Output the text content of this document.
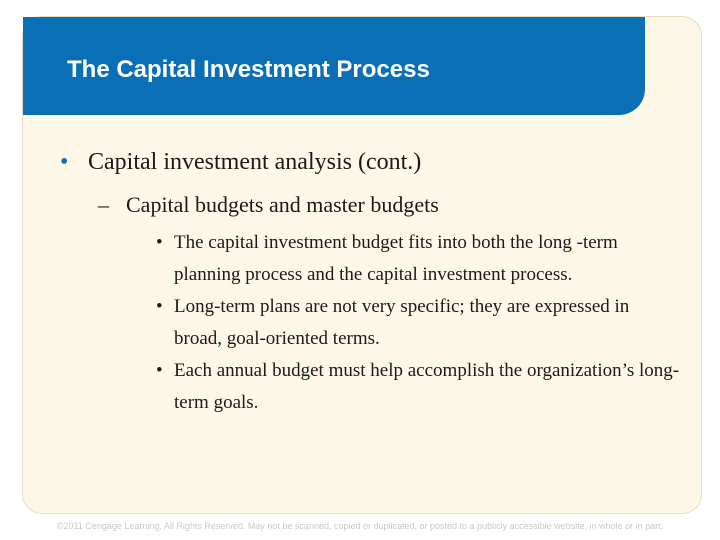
The Capital Investment Process
• Capital investment analysis (cont.)
– Capital budgets and master budgets
• The capital investment budget fits into both the long -term planning process and the capital investment process.
• Long-term plans are not very specific; they are expressed in broad, goal-oriented terms.
• Each annual budget must help accomplish the organization’s long-term goals.
©2011 Cengage Learning. All Rights Reserved. May not be scanned, copied or duplicated, or posted to a publicly accessible website, in whole or in part.
